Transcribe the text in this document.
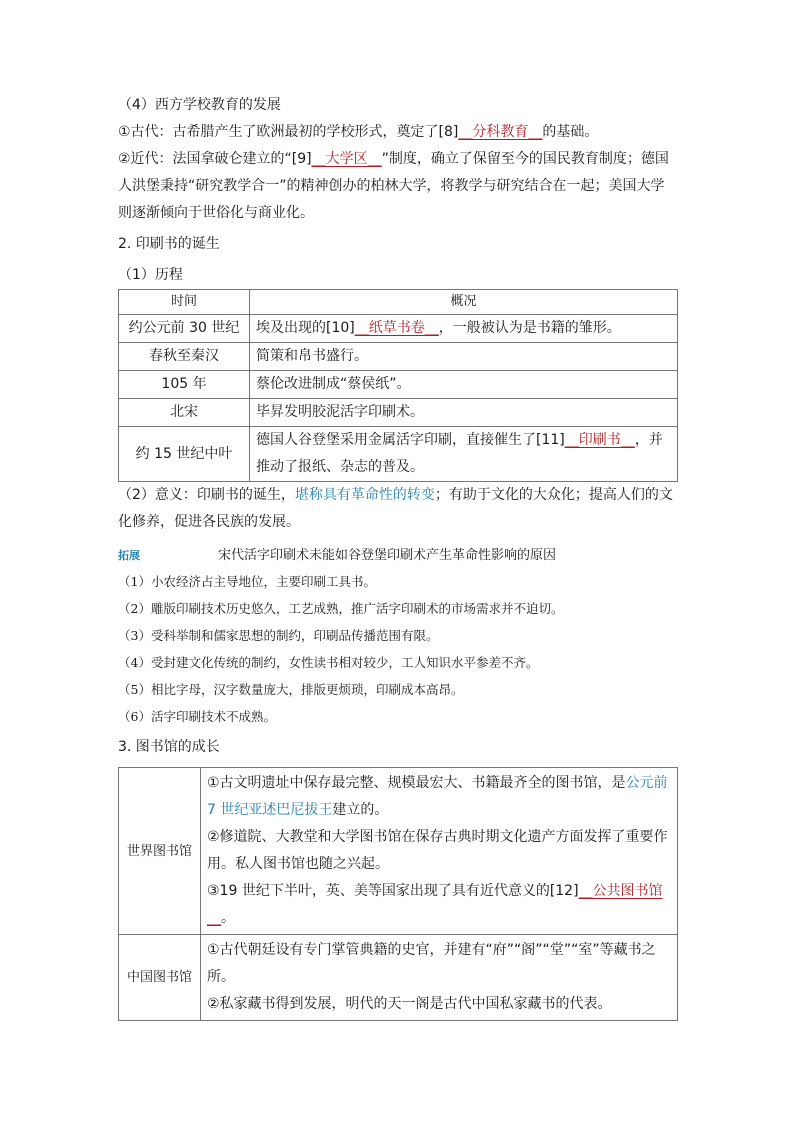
（4）西方学校教育的发展

①古代：古希腊产生了欧洲最初的学校形式，奠定了[8]__分科教育__的基础。

②近代：法国拿破仑建立的“[9]__大学区__”制度，确立了保留至今的国民教育制度；德国人洪堡秉持“研究教学合一”的精神创办的柏林大学，将教学与研究结合在一起；美国大学则逐渐倾向于世俗化与商业化。

2. 印刷书的诞生

（1）历程

时间	概况
约公元前 30 世纪	埃及出现的[10]__纸草书卷__，一般被认为是书籍的雏形。
春秋至秦汉	简策和帛书盛行。
105 年	蔡伦改进制成“蔡侯纸”。
北宋	毕昇发明胶泥活字印刷术。
约 15 世纪中叶	德国人谷登堡采用金属活字印刷，直接催生了[11]__印刷书__，并推动了报纸、杂志的普及。

（2）意义：印刷书的诞生，堪称具有革命性的转变；有助于文化的大众化；提高人们的文化修养，促进各民族的发展。

拓展	宋代活字印刷术未能如谷登堡印刷术产生革命性影响的原因

（1）小农经济占主导地位，主要印刷工具书。

（2）雕版印刷技术历史悠久，工艺成熟，推广活字印刷术的市场需求并不迫切。

（3）受科举制和儒家思想的制约，印刷品传播范围有限。

（4）受封建文化传统的制约，女性读书相对较少，工人知识水平参差不齐。

（5）相比字母，汉字数量庞大，排版更烦琐，印刷成本高昂。

（6）活字印刷技术不成熟。

3. 图书馆的成长

世界图书馆	①古文明遗址中保存最完整、规模最宏大、书籍最齐全的图书馆，是公元前 7 世纪亚述巴尼拔王建立的。

②修道院、大教堂和大学图书馆在保存古典时期文化遗产方面发挥了重要作用。私人图书馆也随之兴起。

③19 世纪下半叶，英、美等国家出现了具有近代意义的[12]__公共图书馆__。

中国图书馆	①古代朝廷设有专门掌管典籍的史官，并建有“府”“阁”“堂”“室”等藏书之所。

②私家藏书得到发展，明代的天一阁是古代中国私家藏书的代表。
